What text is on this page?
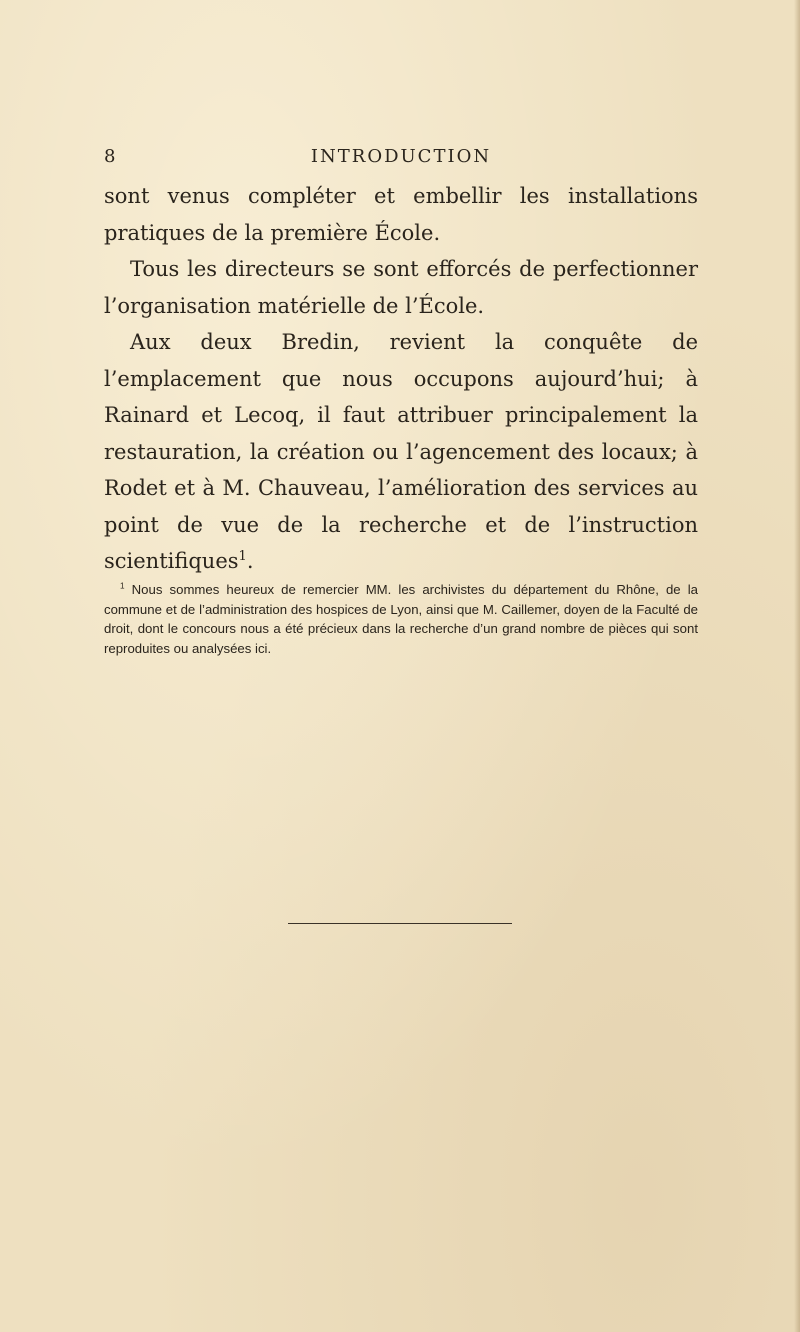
8	INTRODUCTION

sont venus compléter et embellir les installations pratiques de la première École.

Tous les directeurs se sont efforcés de perfectionner l’organisation matérielle de l’École.

Aux deux Bredin, revient la conquête de l’emplacement que nous occupons aujourd’hui; à Rainard et Lecoq, il faut attribuer principalement la restauration, la création ou l’agencement des locaux; à Rodet et à M. Chauveau, l’amélioration des services au point de vue de la recherche et de l’instruction scientifiques$^1$.

$^1$ Nous sommes heureux de remercier MM. les archivistes du département du Rhône, de la commune et de l’administration des hospices de Lyon, ainsi que M. Caillemer, doyen de la Faculté de droit, dont le concours nous a été précieux dans la recherche d’un grand nombre de pièces qui sont reproduites ou analysées ici.
